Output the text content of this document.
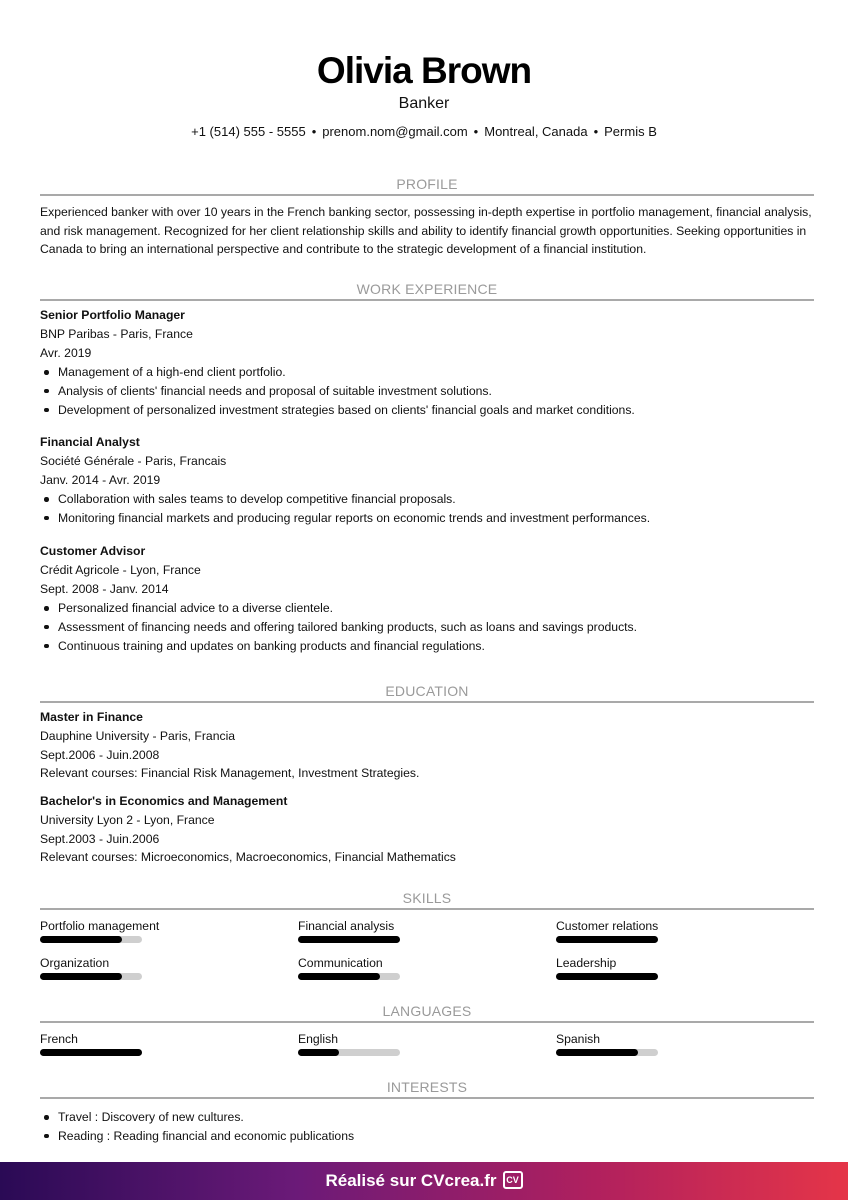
Olivia Brown
Banker
+1 (514) 555 - 5555 • prenom.nom@gmail.com • Montreal, Canada • Permis B
PROFILE
Experienced banker with over 10 years in the French banking sector, possessing in-depth expertise in portfolio management, financial analysis, and risk management. Recognized for her client relationship skills and ability to identify financial growth opportunities. Seeking opportunities in Canada to bring an international perspective and contribute to the strategic development of a financial institution.
WORK EXPERIENCE
Senior Portfolio Manager
BNP Paribas - Paris, France
Avr. 2019
Management of a high-end client portfolio.
Analysis of clients' financial needs and proposal of suitable investment solutions.
Development of personalized investment strategies based on clients' financial goals and market conditions.
Financial Analyst
Société Générale - Paris, Francais
Janv. 2014 - Avr. 2019
Collaboration with sales teams to develop competitive financial proposals.
Monitoring financial markets and producing regular reports on economic trends and investment performances.
Customer Advisor
Crédit Agricole - Lyon, France
Sept. 2008 - Janv. 2014
Personalized financial advice to a diverse clientele.
Assessment of financing needs and offering tailored banking products, such as loans and savings products.
Continuous training and updates on banking products and financial regulations.
EDUCATION
Master in Finance
Dauphine University - Paris, Francia
Sept.2006 - Juin.2008
Relevant courses: Financial Risk Management, Investment Strategies.
Bachelor's in Economics and Management
University Lyon 2 - Lyon, France
Sept.2003 - Juin.2006
Relevant courses: Microeconomics, Macroeconomics, Financial Mathematics
SKILLS
Portfolio management	Financial analysis	Customer relations
Organization	Communication	Leadership
LANGUAGES
French	English	Spanish
INTERESTS
Travel : Discovery of new cultures.
Reading : Reading financial and economic publications
Réalisé sur CVcrea.fr CV
